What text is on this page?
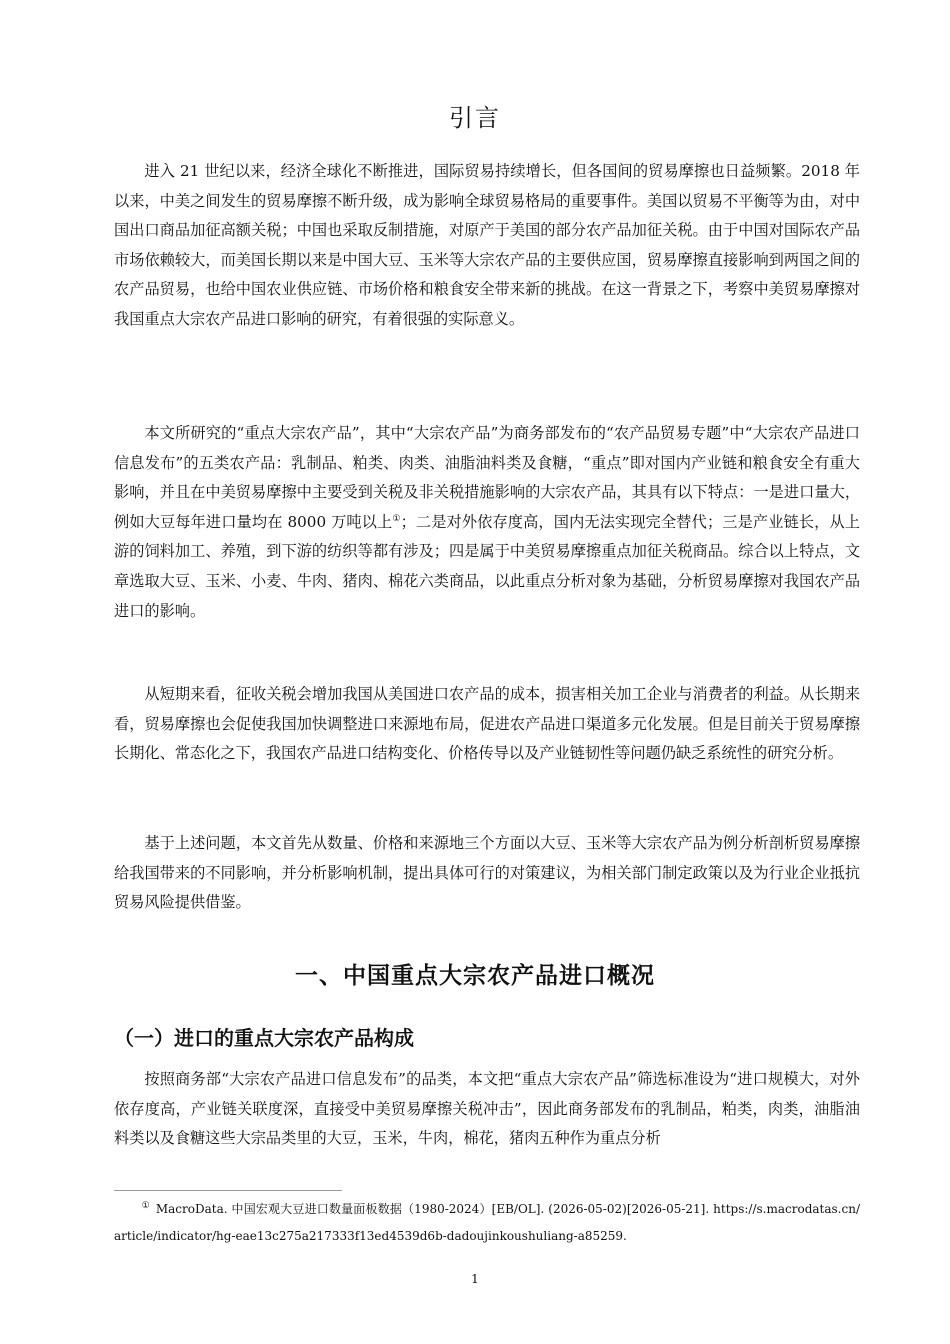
引言

进入 21 世纪以来，经济全球化不断推进，国际贸易持续增长，但各国间的贸易摩擦也日益频繁。2018 年以来，中美之间发生的贸易摩擦不断升级，成为影响全球贸易格局的重要事件。美国以贸易不平衡等为由，对中国出口商品加征高额关税；中国也采取反制措施，对原产于美国的部分农产品加征关税。由于中国对国际农产品市场依赖较大，而美国长期以来是中国大豆、玉米等大宗农产品的主要供应国，贸易摩擦直接影响到两国之间的农产品贸易，也给中国农业供应链、市场价格和粮食安全带来新的挑战。在这一背景之下，考察中美贸易摩擦对我国重点大宗农产品进口影响的研究，有着很强的实际意义。

本文所研究的“重点大宗农产品”，其中“大宗农产品”为商务部发布的“农产品贸易专题”中“大宗农产品进口信息发布”的五类农产品：乳制品、粕类、肉类、油脂油料类及食糖，“重点”即对国内产业链和粮食安全有重大影响，并且在中美贸易摩擦中主要受到关税及非关税措施影响的大宗农产品，其具有以下特点：一是进口量大，例如大豆每年进口量均在 8000 万吨以上①；二是对外依存度高，国内无法实现完全替代；三是产业链长，从上游的饲料加工、养殖，到下游的纺织等都有涉及；四是属于中美贸易摩擦重点加征关税商品。综合以上特点，文章选取大豆、玉米、小麦、牛肉、猪肉、棉花六类商品，以此重点分析对象为基础，分析贸易摩擦对我国农产品进口的影响。

从短期来看，征收关税会增加我国从美国进口农产品的成本，损害相关加工企业与消费者的利益。从长期来看，贸易摩擦也会促使我国加快调整进口来源地布局，促进农产品进口渠道多元化发展。但是目前关于贸易摩擦长期化、常态化之下，我国农产品进口结构变化、价格传导以及产业链韧性等问题仍缺乏系统性的研究分析。

基于上述问题，本文首先从数量、价格和来源地三个方面以大豆、玉米等大宗农产品为例分析剖析贸易摩擦给我国带来的不同影响，并分析影响机制，提出具体可行的对策建议，为相关部门制定政策以及为行业企业抵抗贸易风险提供借鉴。

一、中国重点大宗农产品进口概况
（一）进口的重点大宗农产品构成

按照商务部“大宗农产品进口信息发布”的品类，本文把“重点大宗农产品”筛选标准设为“进口规模大，对外依存度高，产业链关联度深，直接受中美贸易摩擦关税冲击”，因此商务部发布的乳制品，粕类，肉类，油脂油料类以及食糖这些大宗品类里的大豆，玉米，牛肉，棉花，猪肉五种作为重点分析

① MacroData. 中国宏观大豆进口数量面板数据（1980-2024）[EB/OL]. (2026-05-02)[2026-05-21]. https://s.macrodatas.cn/article/indicator/hg-eae13c275a217333f13ed4539d6b-dadoujinkoushuliang-a85259.

1
